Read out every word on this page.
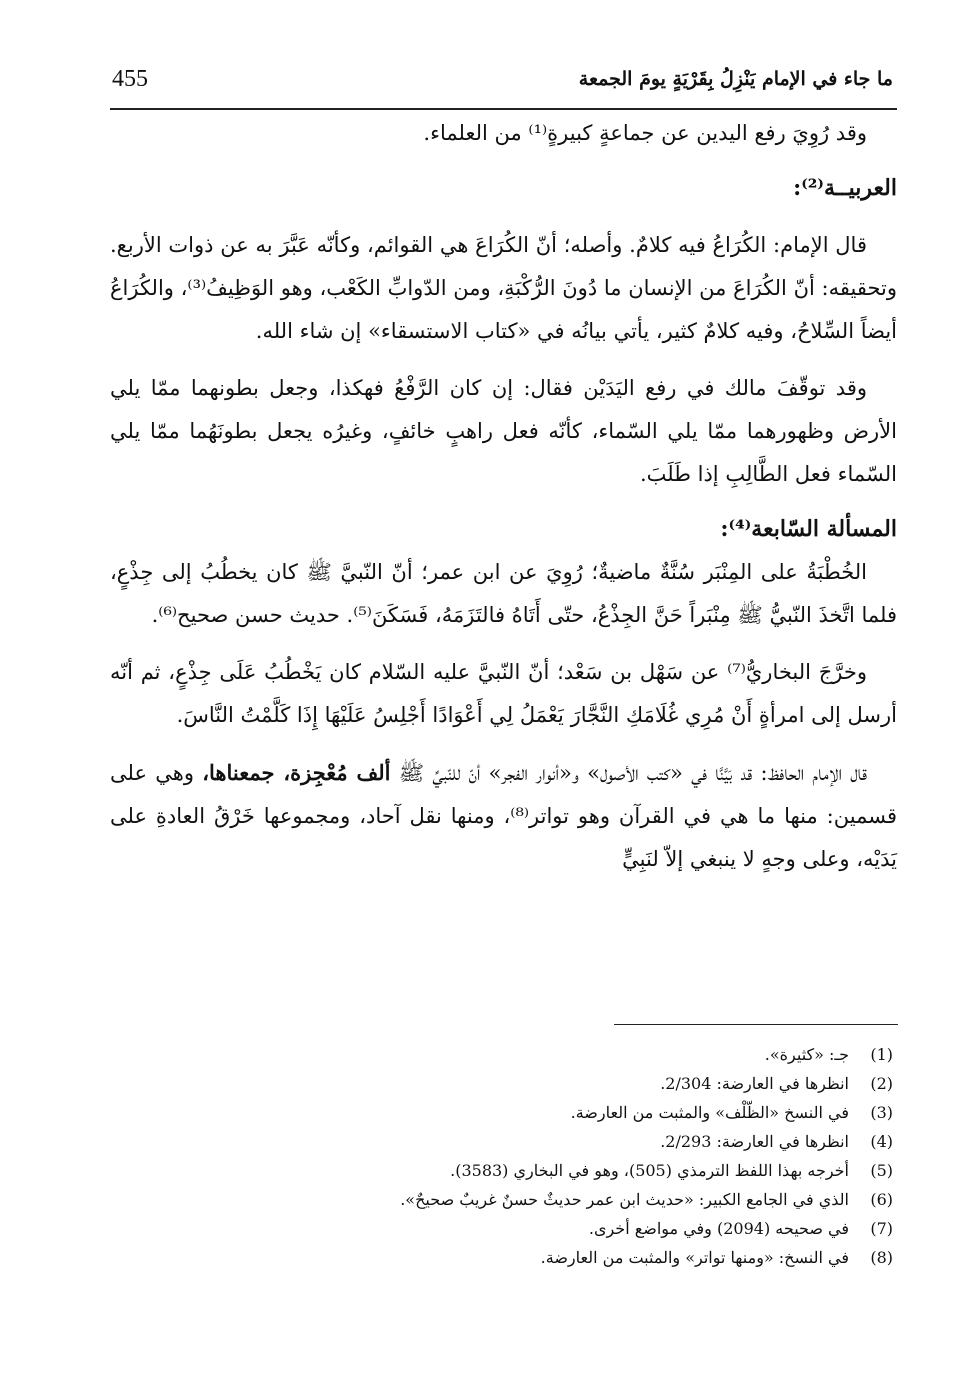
455	ما جاء في الإمام يَنْزِلُ بِقَرْيَةٍ يومَ الجمعة

وقد رُوِيَ رفع اليدين عن جماعةٍ كبيرةٍ⁽¹⁾ من العلماء.

العربيــة⁽²⁾:

قال الإمام: الكُرَاعُ فيه كلامٌ. وأصله؛ أنّ الكُرَاعَ هي القوائم، وكأنّه عَبَّرَ به عن ذوات الأربع. وتحقيقه: أنّ الكُرَاعَ من الإنسان ما دُونَ الرُّكْبَةِ، ومن الدّوابِّ الكَعْب، وهو الوَظِيفُ⁽³⁾، والكُرَاعُ أيضاً السِّلاحُ، وفيه كلامٌ كثير، يأتي بيانُه في «كتاب الاستسقاء» إن شاء الله.

وقد توقّفَ مالك في رفع اليَدَيْن فقال: إن كان الرَّفْعُ فهكذا، وجعل بطونهما ممّا يلي الأرض وظهورهما ممّا يلي السّماء، كأنّه فعل راهبٍ خائفٍ، وغيرُه يجعل بطونَهُما ممّا يلي السّماء فعل الطَّالِبِ إذا طَلَبَ.

المسألة السّابعة⁽⁴⁾:

الخُطْبَةُ على المِنْبَر سُنَّةٌ ماضيةٌ؛ رُوِيَ عن ابن عمر؛ أنّ النّبيَّ ﷺ كان يخطُبُ إلى جِذْعٍ، فلما اتَّخذَ النّبيُّ ﷺ مِنْبَراً حَنَّ الجِذْعُ، حتّى أَتَاهُ فالتَزَمَهُ، فَسَكَنَ⁽⁵⁾. حديث حسن صحيح⁽⁶⁾.

وخرَّجَ البخاريُّ⁽⁷⁾ عن سَهْل بن سَعْد؛ أنّ النّبيَّ عليه السّلام كان يَخْطُبُ عَلَى جِذْعٍ، ثم أنّه أرسل إلى امرأةٍ أَنْ مُرِي غُلَامَكِ النَّجَّارَ يَعْمَلُ لِي أَعْوَادًا أَجْلِسُ عَلَيْهَا إِذَا كَلَّمْتُ النَّاسَ.

قال الإمام الحافظ: قد بَيَّنَّا في «كتب الأصول» و«أنوار الفجر» أنّ للنّبيِّ ﷺ ألف مُعْجِزة، جمعناها، وهي على قسمين: منها ما هي في القرآن وهو تواتر⁽⁸⁾، ومنها نقل آحاد، ومجموعها خَرْقُ العادةِ على يَدَيْه، وعلى وجهٍ لا ينبغي إلاّ لنَبِيٍّ

(1)
جـ: «كثيرة».
(2)
انظرها في العارضة: 2/304.
(3)
في النسخ «الظّلْف» والمثبت من العارضة.
(4)
انظرها في العارضة: 2/293.
(5)
أخرجه بهذا اللفظ الترمذي (505)، وهو في البخاري (3583).
(6)
الذي في الجامع الكبير: «حديث ابن عمر حديثٌ حسنٌ غريبٌ صحيحٌ».
(7)
في صحيحه (2094) وفي مواضع أخرى.
(8)
في النسخ: «ومنها تواتر» والمثبت من العارضة.
